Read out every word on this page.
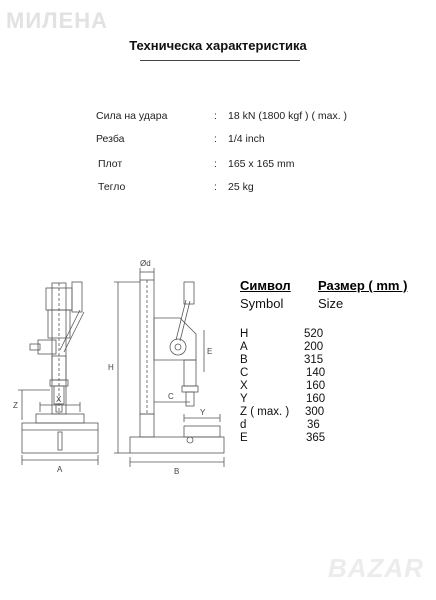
МИЛЕНА
Техническа характеристика
Сила на удара	: 18 kN (1800 kgf ) ( max. )
Резба	: 1/4 inch
Плот	: 165 x 165 mm
Тегло	: 25 kg
Z
X
A
H
Ød
E
C
Y
B
Символ Размер ( mm )
Symbol	Size
H	520
A	200
B	315
C	140
X	160
Y	160
Z ( max. ) 300
d	36
E	365
BAZAR
